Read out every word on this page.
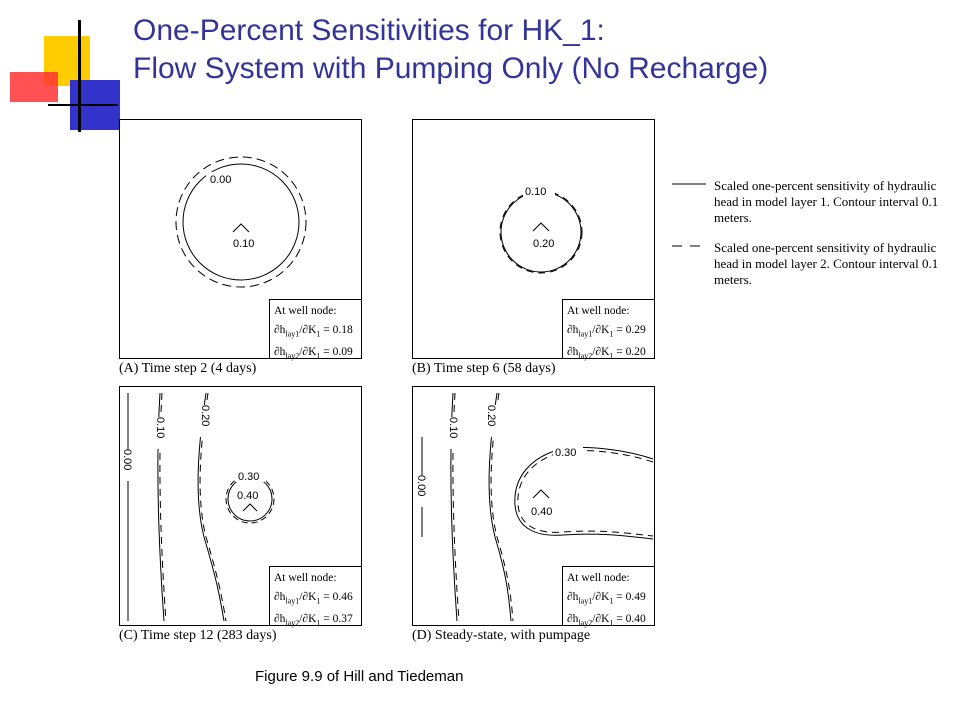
One-Percent Sensitivities for HK_1:
Flow System with Pumping Only (No Recharge)
0.00
0.10
At well node:
$\partial h_{lay1}/\partial K_1 = 0.18$
$\partial h_{lay2}/\partial K_1 = 0.09$
(A) Time step 2 (4 days)
0.10
0.20
At well node:
$\partial h_{lay1}/\partial K_1 = 0.29$
$\partial h_{lay2}/\partial K_1 = 0.20$
(B) Time step 6 (58 days)
0.00
0.10
0.20
0.30
0.40
At well node:
$\partial h_{lay1}/\partial K_1 = 0.46$
$\partial h_{lay2}/\partial K_1 = 0.37$
(C) Time step 12 (283 days)
0.00
0.10
0.20
0.30
0.40
At well node:
$\partial h_{lay1}/\partial K_1 = 0.49$
$\partial h_{lay2}/\partial K_1 = 0.40$
(D) Steady-state, with pumpage
Scaled one-percent sensitivity of hydraulic head in model layer 1. Contour interval 0.1 meters.
Scaled one-percent sensitivity of hydraulic head in model layer 2. Contour interval 0.1 meters.
Figure 9.9 of Hill and Tiedeman
